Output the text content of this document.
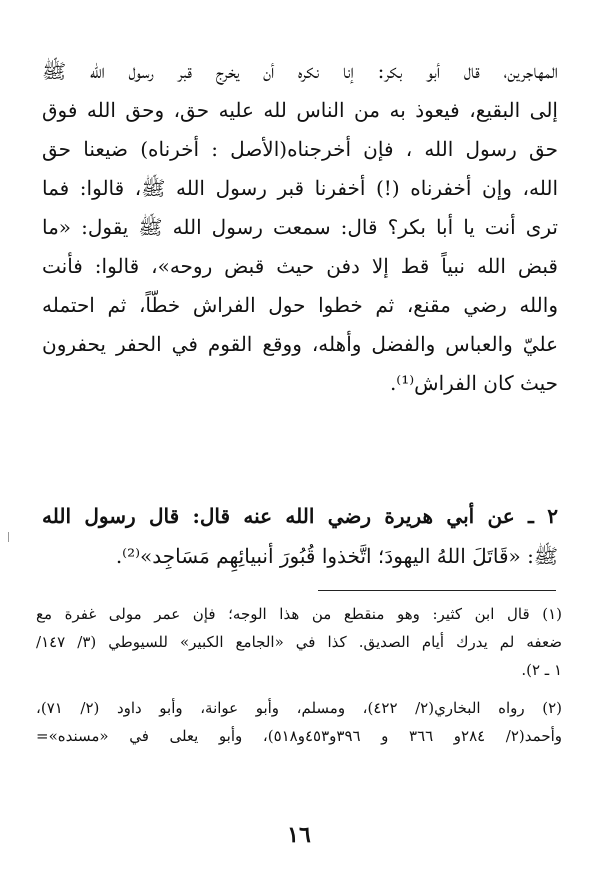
المهاجرين، قال أبو بكر: إنا نكره أن يخرج قبر رسول الله ﷺ
إلى البقيع، فيعوذ به من الناس لله عليه حق، وحق الله فوق
حق رسول الله ، فإن أخرجناه(الأصل : أخرناه) ضيعنا حق
الله، وإن أخفرناه (!) أخفرنا قبر رسول الله ﷺ، قالوا: فما
ترى أنت يا أبا بكر؟ قال: سمعت رسول الله ﷺ يقول: «ما
قبض الله نبياً قط إلا دفن حيث قبض روحه»، قالوا: فأنت
والله رضي مقنع، ثم خطوا حول الفراش خطّاً، ثم احتمله
عليّ والعباس والفضل وأهله، ووقع القوم في الحفر يحفرون
حيث كان الفراش⁽¹⁾.
٢ ـ عن أبي هريرة رضي الله عنه قال: قال رسول الله
ﷺ: «قَاتَلَ اللهُ اليهودَ؛ اتَّخذوا قُبُورَ أنبيائِهِم مَسَاجِد»⁽²⁾.
(١) قال ابن كثير: وهو منقطع من هذا الوجه؛ فإن عمر مولى غفرة مع
ضعفه لم يدرك أيام الصديق. كذا في «الجامع الكبير» للسيوطي (٣/ ١٤٧/
١ ـ ٢).
(٢) رواه البخاري(٢/ ٤٢٢)، ومسلم، وأبو عوانة، وأبو داود (٢/ ٧١)،
وأحمد(٢/ ٢٨٤و ٣٦٦ و ٣٩٦و٤٥٣و٥١٨)، وأبو يعلى في «مسنده»=
١٦
